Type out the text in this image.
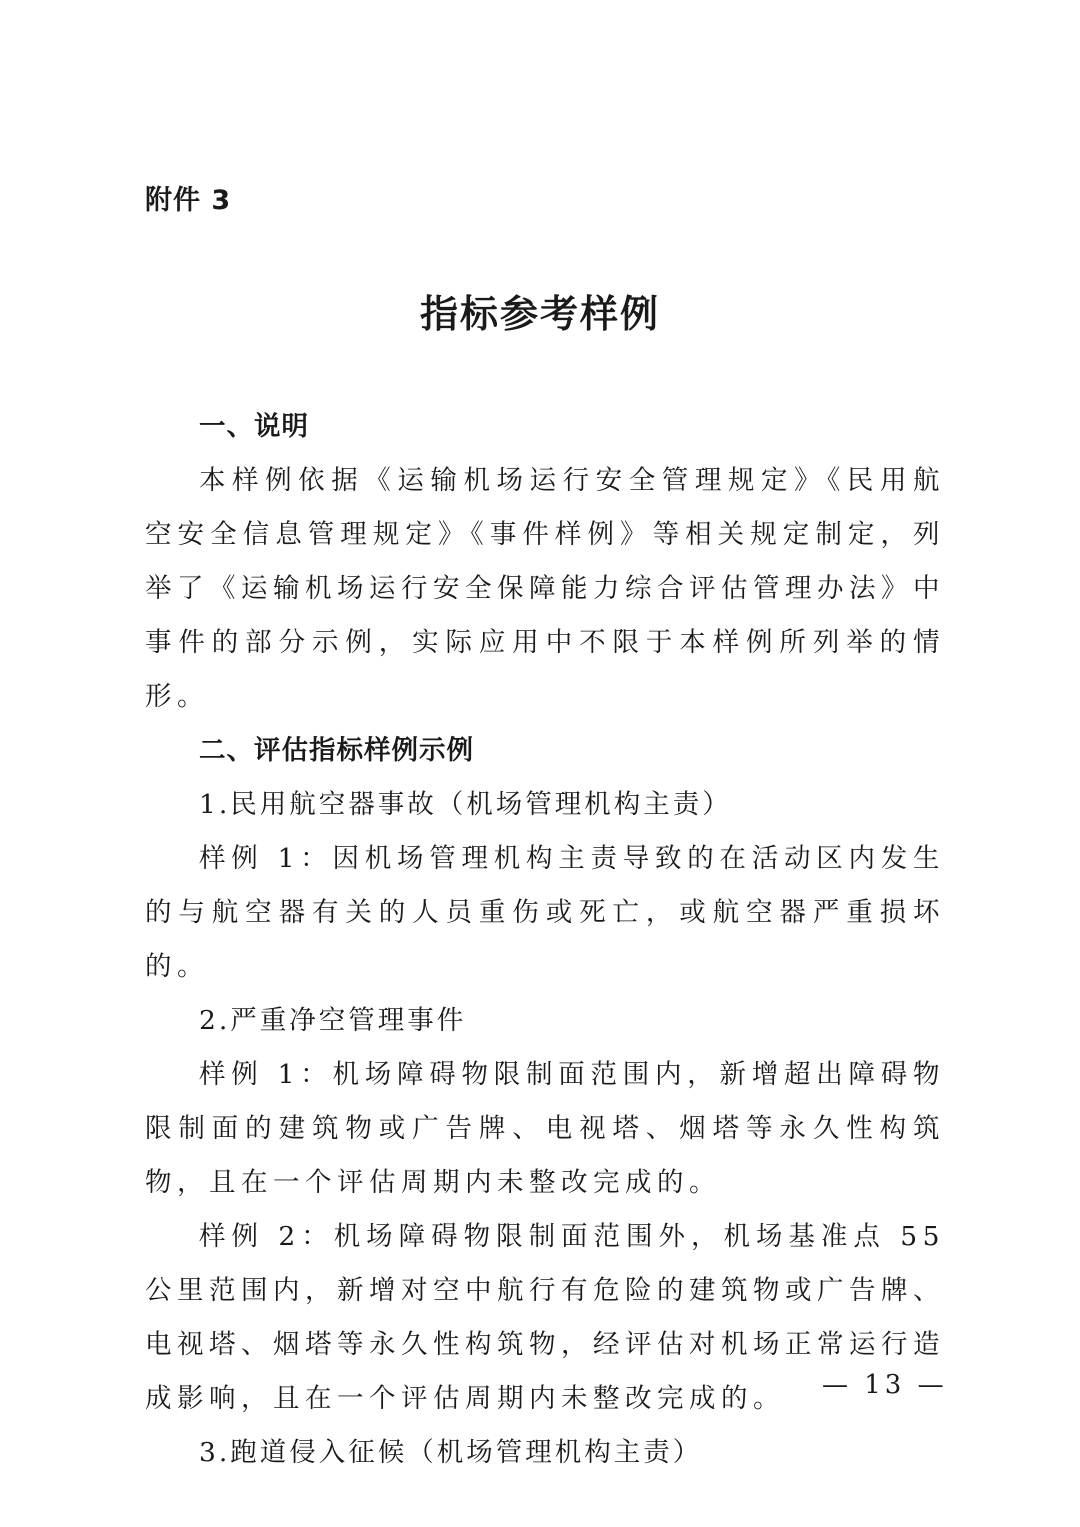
附件 3
指标参考样例

一、说明

本样例依据《运输机场运行安全管理规定》《民用航空安全信息管理规定》《事件样例》等相关规定制定，列举了《运输机场运行安全保障能力综合评估管理办法》中事件的部分示例，实际应用中不限于本样例所列举的情形。

二、评估指标样例示例

1.民用航空器事故（机场管理机构主责）

样例 1：因机场管理机构主责导致的在活动区内发生的与航空器有关的人员重伤或死亡，或航空器严重损坏的。

2.严重净空管理事件

样例 1：机场障碍物限制面范围内，新增超出障碍物限制面的建筑物或广告牌、电视塔、烟塔等永久性构筑物，且在一个评估周期内未整改完成的。

样例 2：机场障碍物限制面范围外，机场基准点 55 公里范围内，新增对空中航行有危险的建筑物或广告牌、电视塔、烟塔等永久性构筑物，经评估对机场正常运行造成影响，且在一个评估周期内未整改完成的。

3.跑道侵入征候（机场管理机构主责）

— 13 —
